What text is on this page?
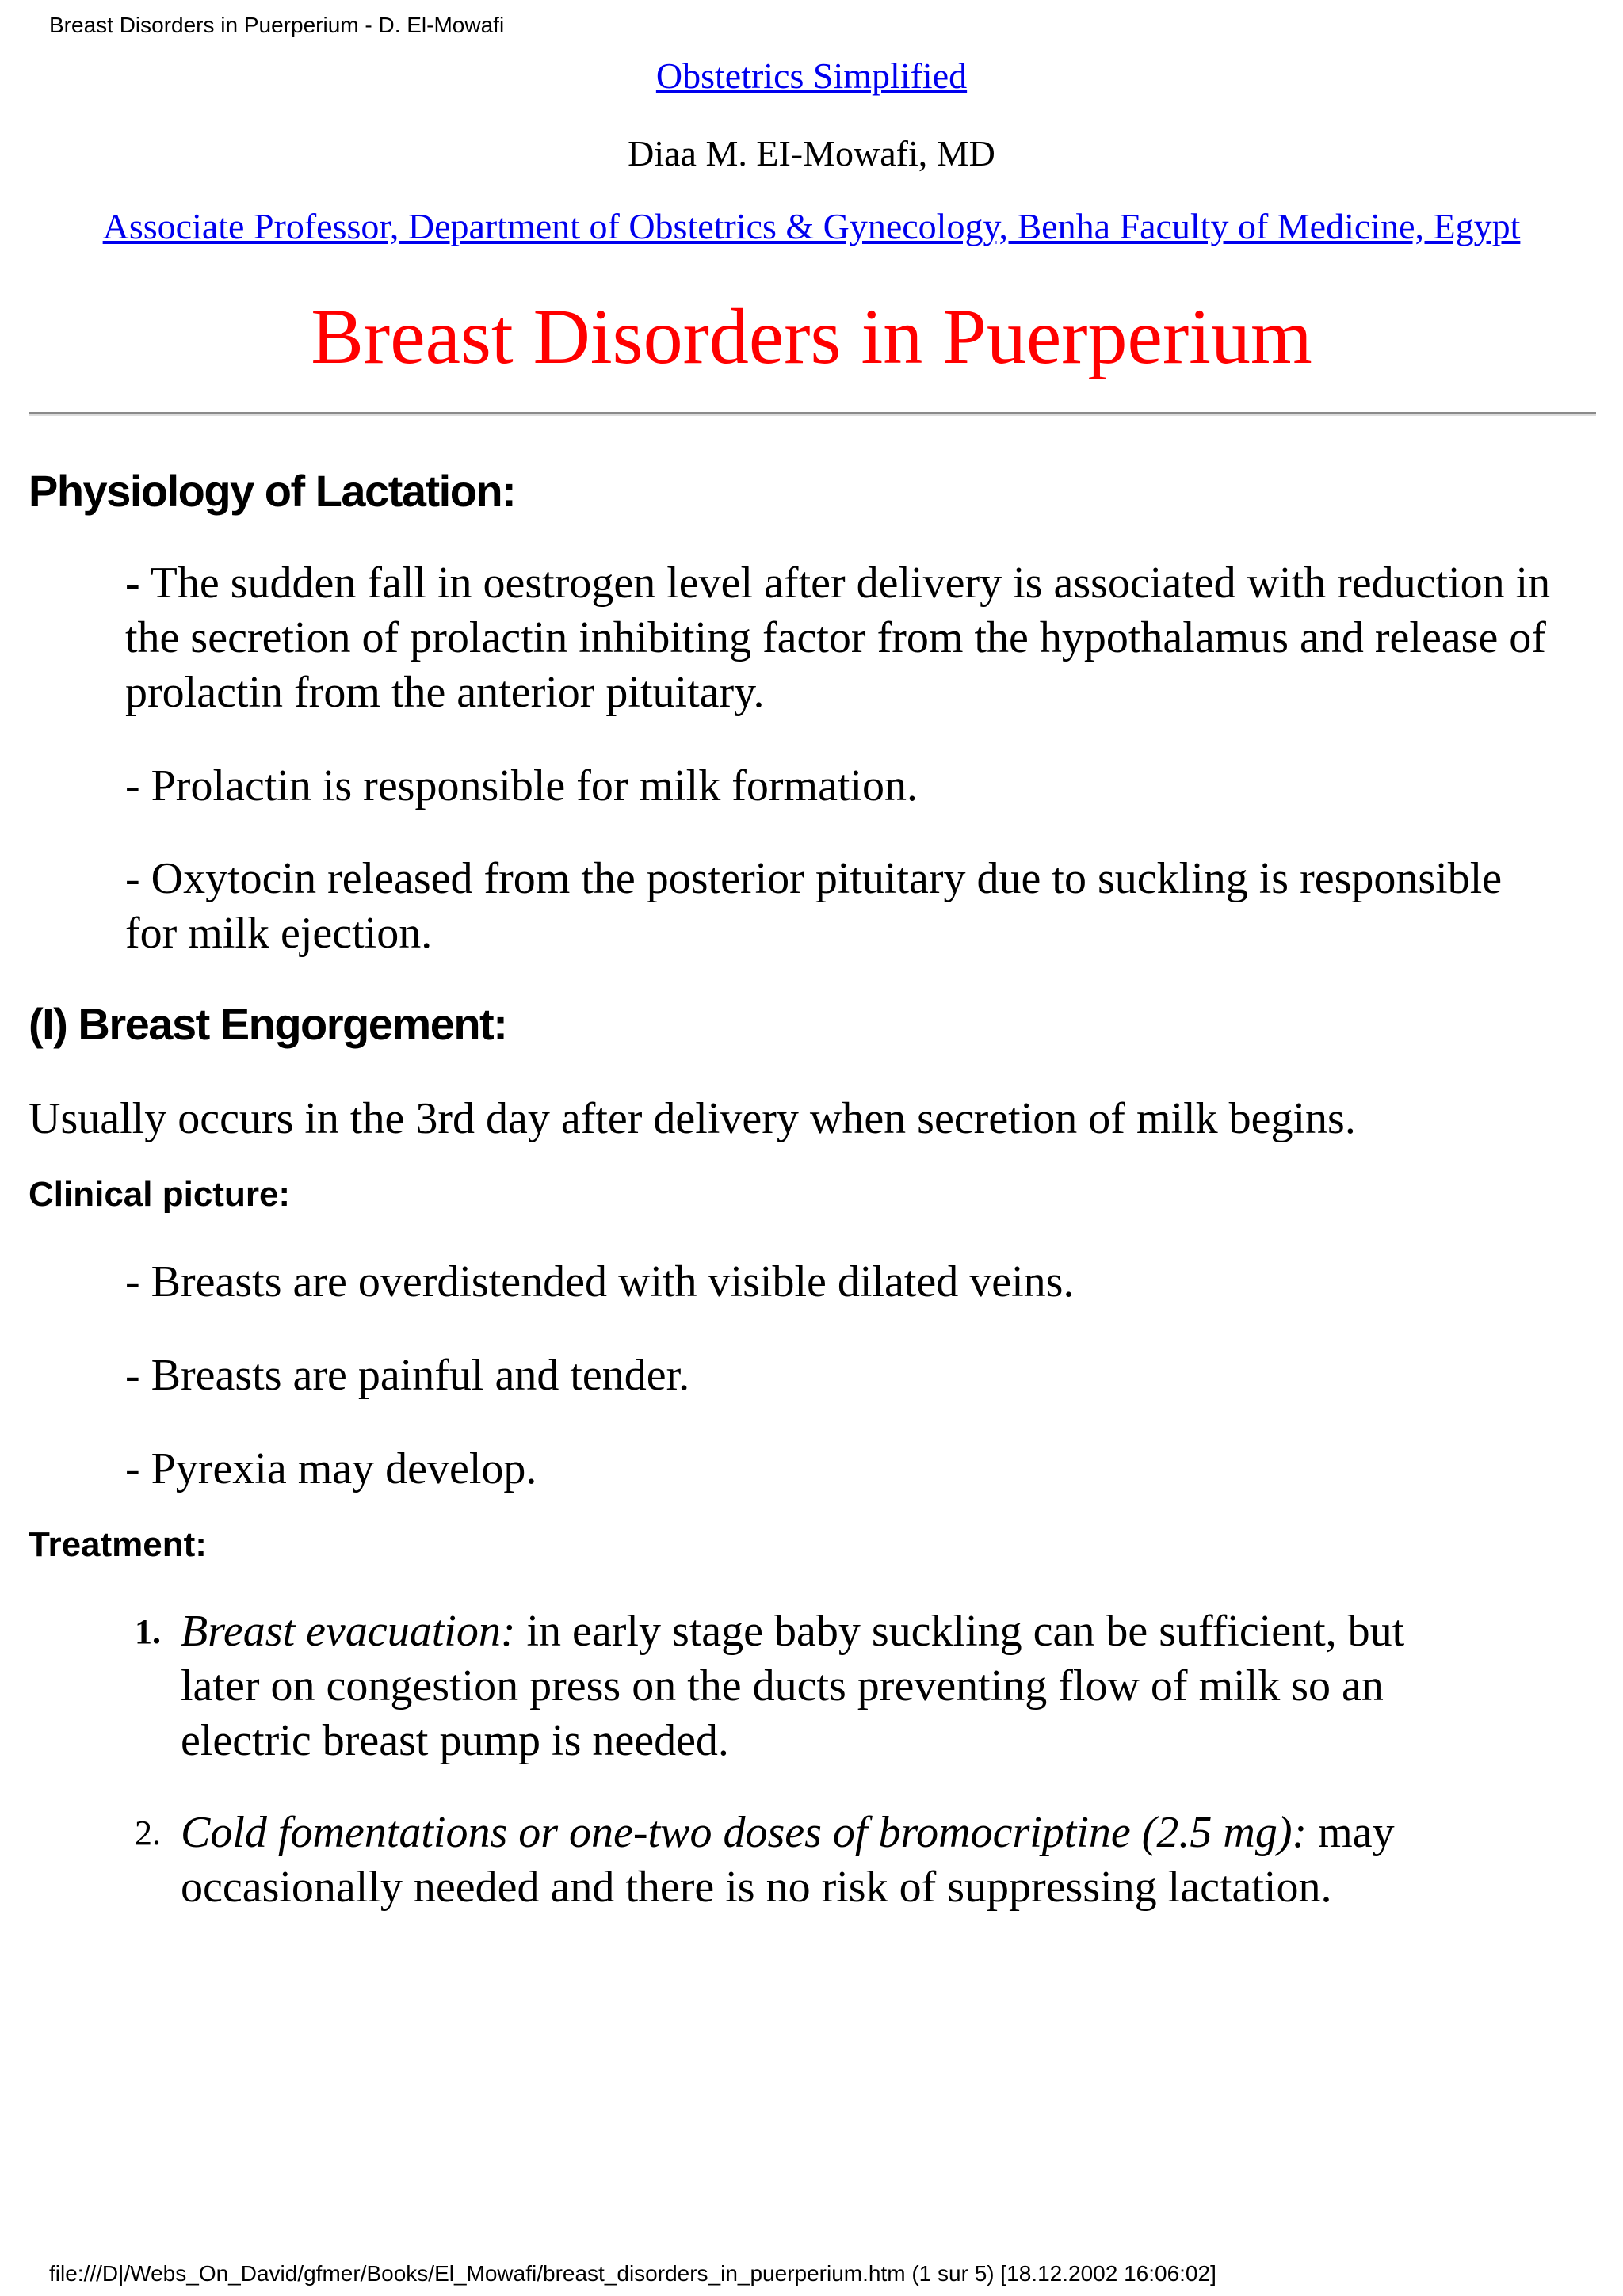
Breast Disorders in Puerperium - D. El-Mowafi
Obstetrics Simplified
Diaa M. EI-Mowafi, MD
Associate Professor, Department of Obstetrics & Gynecology, Benha Faculty of Medicine, Egypt
Breast Disorders in Puerperium
Physiology of Lactation:
- The sudden fall in oestrogen level after delivery is associated with reduction in the secretion of prolactin inhibiting factor from the hypothalamus and release of prolactin from the anterior pituitary.
- Prolactin is responsible for milk formation.
- Oxytocin released from the posterior pituitary due to suckling is responsible for milk ejection.
(I) Breast Engorgement:
Usually occurs in the 3rd day after delivery when secretion of milk begins.
Clinical picture:
- Breasts are overdistended with visible dilated veins.
- Breasts are painful and tender.
- Pyrexia may develop.
Treatment:
1. Breast evacuation: in early stage baby suckling can be sufficient, but later on congestion press on the ducts preventing flow of milk so an electric breast pump is needed.
2. Cold fomentations or one-two doses of bromocriptine (2.5 mg): may occasionally needed and there is no risk of suppressing lactation.
file:///D|/Webs_On_David/gfmer/Books/El_Mowafi/breast_disorders_in_puerperium.htm (1 sur 5) [18.12.2002 16:06:02]
